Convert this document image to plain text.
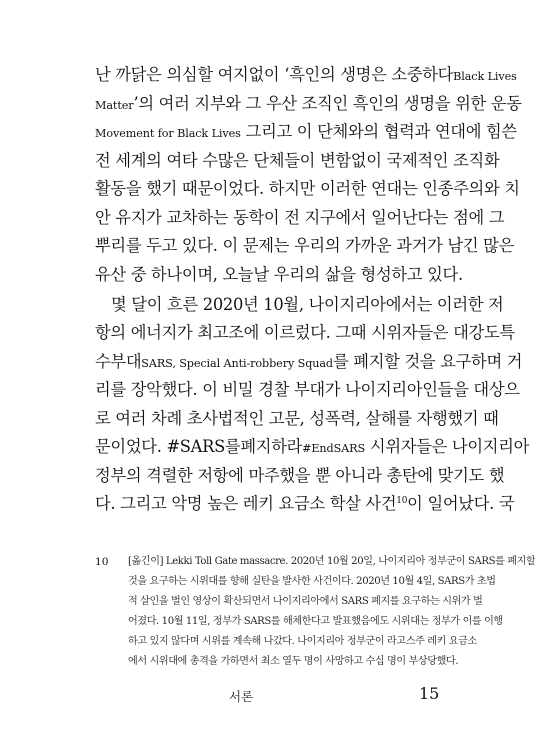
난 까닭은 의심할 여지없이 ‘흑인의 생명은 소중하다Black Lives
Matter’의 여러 지부와 그 우산 조직인 흑인의 생명을 위한 운동
Movement for Black Lives 그리고 이 단체와의 협력과 연대에 힘쓴
전 세계의 여타 수많은 단체들이 변함없이 국제적인 조직화
활동을 했기 때문이었다. 하지만 이러한 연대는 인종주의와 치
안 유지가 교차하는 동학이 전 지구에서 일어난다는 점에 그
뿌리를 두고 있다. 이 문제는 우리의 가까운 과거가 남긴 많은
유산 중 하나이며, 오늘날 우리의 삶을 형성하고 있다.
몇 달이 흐른 2020년 10월, 나이지리아에서는 이러한 저
항의 에너지가 최고조에 이르렀다. 그때 시위자들은 대강도특
수부대SARS, Special Anti-robbery Squad를 폐지할 것을 요구하며 거
리를 장악했다. 이 비밀 경찰 부대가 나이지리아인들을 대상으
로 여러 차례 초사법적인 고문, 성폭력, 살해를 자행했기 때
문이었다. #SARS를폐지하라#EndSARS 시위자들은 나이지리아
정부의 격렬한 저항에 마주했을 뿐 아니라 총탄에 맞기도 했
다. 그리고 악명 높은 레키 요금소 학살 사건$^{10}$이 일어났다. 국
10 [옮긴이] Lekki Toll Gate massacre. 2020년 10월 20일, 나이지리아 정부군이 SARS를 폐지할
것을 요구하는 시위대를 향해 실탄을 발사한 사건이다. 2020년 10월 4일, SARS가 초법
적 살인을 벌인 영상이 확산되면서 나이지리아에서 SARS 폐지를 요구하는 시위가 벌
어졌다. 10월 11일, 정부가 SARS를 해체한다고 발표했음에도 시위대는 정부가 이를 이행
하고 있지 않다며 시위를 계속해 나갔다. 나이지리아 정부군이 라고스주 레키 요금소
에서 시위대에 총격을 가하면서 최소 열두 명이 사망하고 수십 명이 부상당했다.
서론	15
